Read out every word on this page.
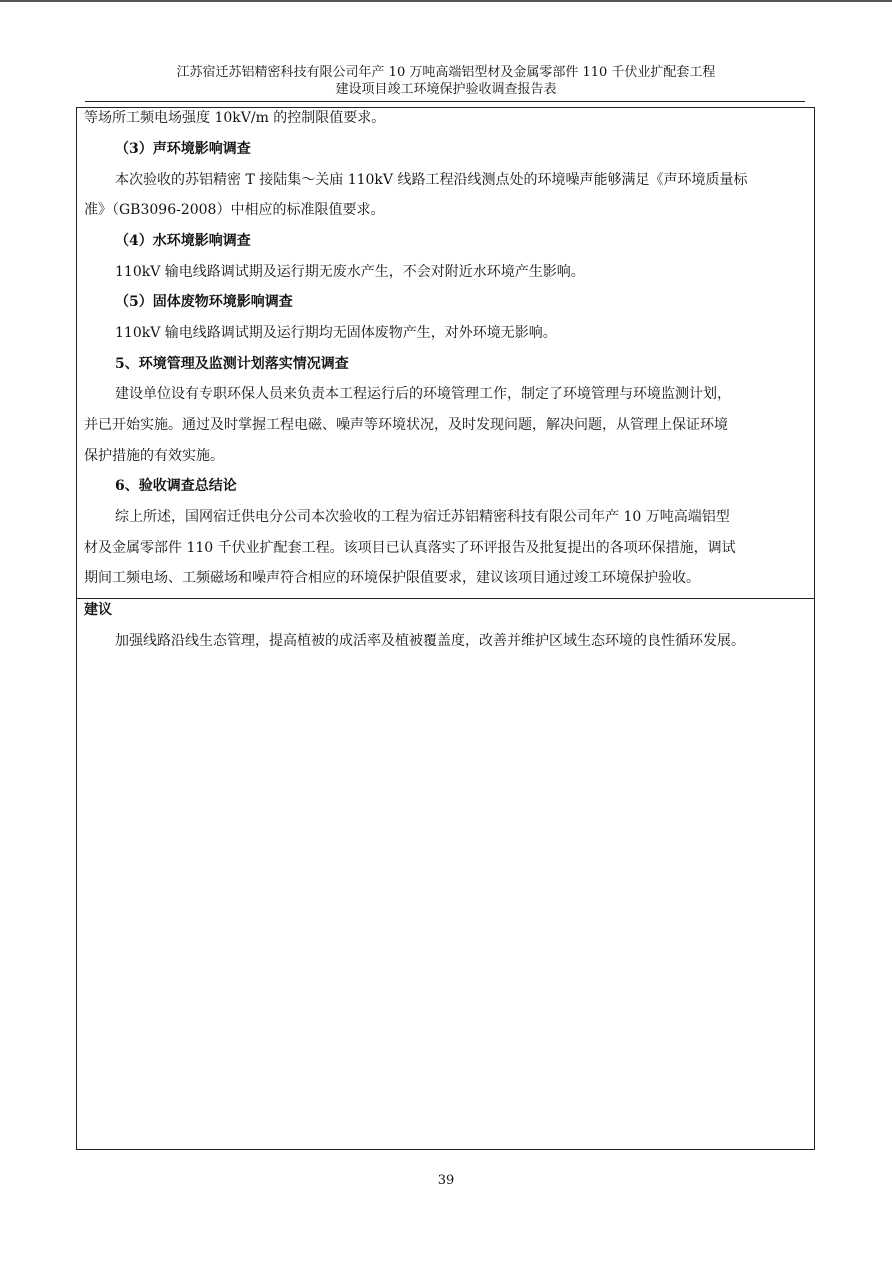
江苏宿迁苏铝精密科技有限公司年产 10 万吨高端铝型材及金属零部件 110 千伏业扩配套工程
建设项目竣工环境保护验收调查报告表
等场所工频电场强度 10kV/m 的控制限值要求。
（3）声环境影响调查
本次验收的苏铝精密 T 接陆集～关庙 110kV 线路工程沿线测点处的环境噪声能够满足《声环境质量标
准》（GB3096-2008）中相应的标准限值要求。
（4）水环境影响调查
110kV 输电线路调试期及运行期无废水产生，不会对附近水环境产生影响。
（5）固体废物环境影响调查
110kV 输电线路调试期及运行期均无固体废物产生，对外环境无影响。
5、环境管理及监测计划落实情况调查
建设单位设有专职环保人员来负责本工程运行后的环境管理工作，制定了环境管理与环境监测计划，
并已开始实施。通过及时掌握工程电磁、噪声等环境状况，及时发现问题，解决问题，从管理上保证环境
保护措施的有效实施。
6、验收调查总结论
综上所述，国网宿迁供电分公司本次验收的工程为宿迁苏铝精密科技有限公司年产 10 万吨高端铝型
材及金属零部件 110 千伏业扩配套工程。该项目已认真落实了环评报告及批复提出的各项环保措施，调试
期间工频电场、工频磁场和噪声符合相应的环境保护限值要求，建议该项目通过竣工环境保护验收。
建议
加强线路沿线生态管理，提高植被的成活率及植被覆盖度，改善并维护区域生态环境的良性循环发展。
39
